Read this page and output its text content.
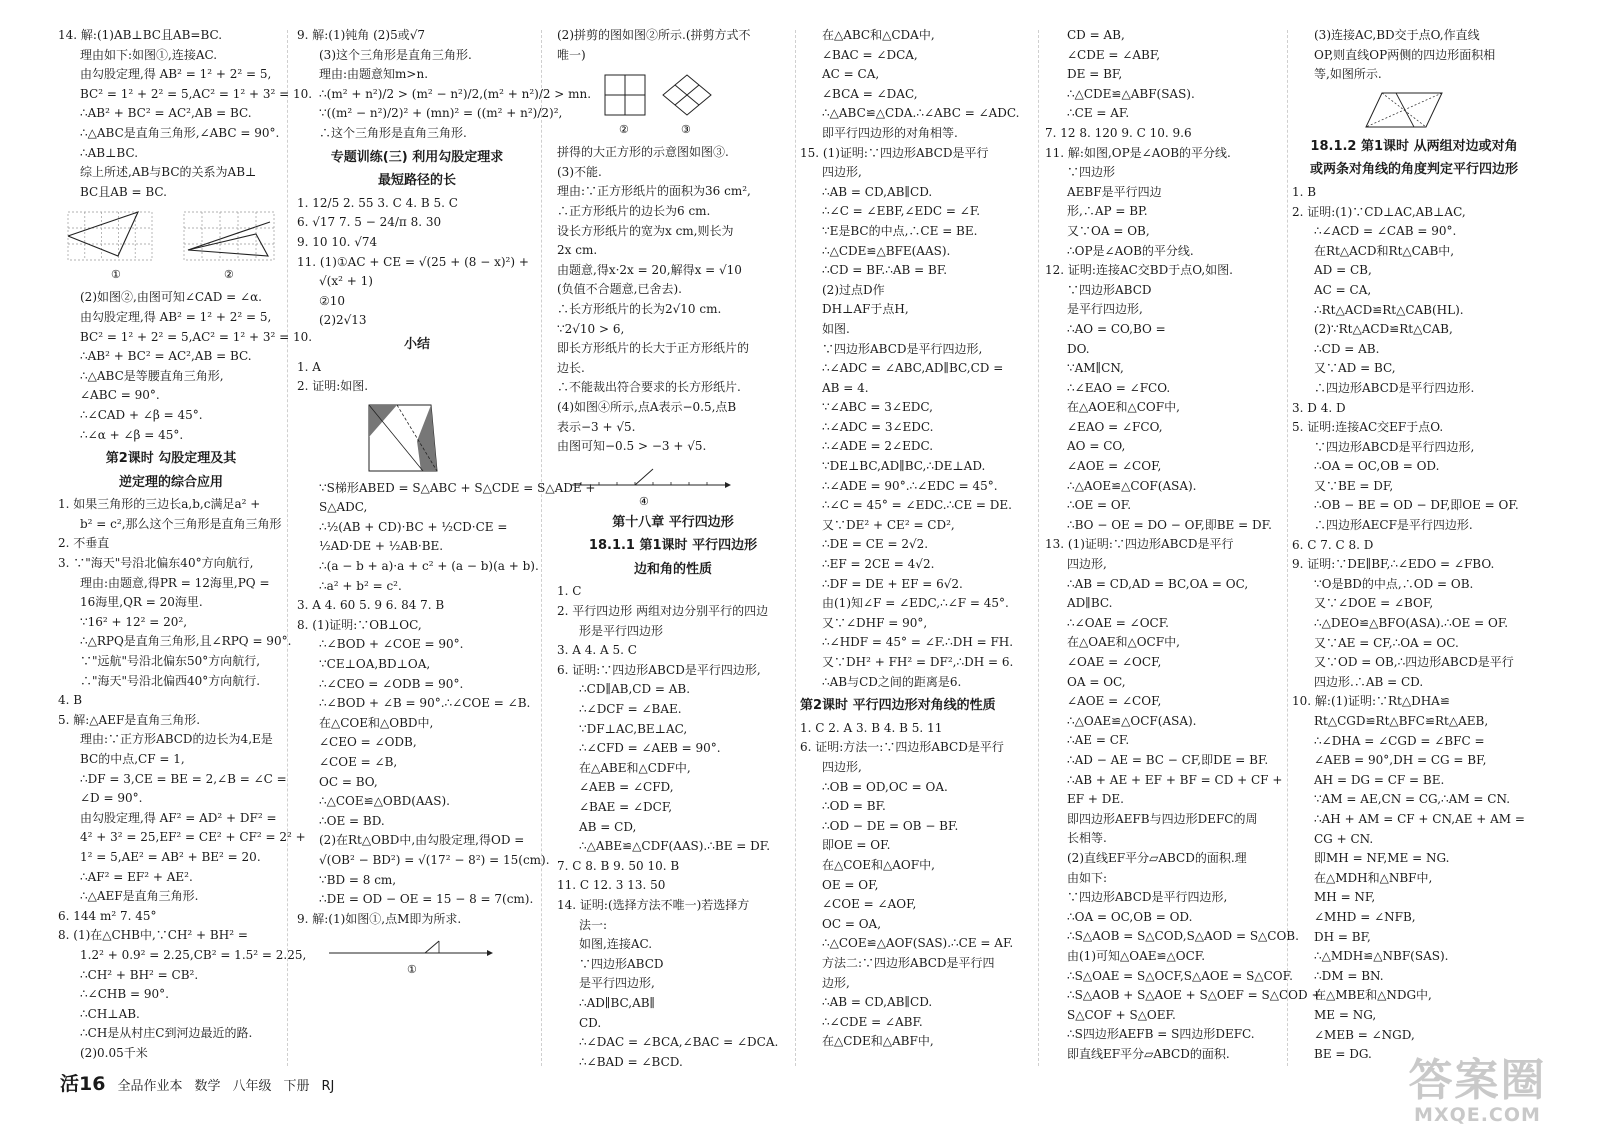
14. 解:(1)AB⊥BC且AB=BC.
理由如下:如图①,连接AC.
由勾股定理,得 AB² = 1² + 2² = 5,
BC² = 1² + 2² = 5,AC² = 1² + 3² = 10.
∴AB² + BC² = AC²,AB = BC.
∴△ABC是直角三角形,∠ABC = 90°.
∴AB⊥BC.
综上所述,AB与BC的关系为AB⊥
BC且AB = BC.
①	②
(2)如图②,由图可知∠CAD = ∠α.
由勾股定理,得 AB² = 1² + 2² = 5,
BC² = 1² + 2² = 5,AC² = 1² + 3² = 10.
∴AB² + BC² = AC²,AB = BC.
∴△ABC是等腰直角三角形,
∠ABC = 90°.
∴∠CAD + ∠β = 45°.
∴∠α + ∠β = 45°.
第2课时 勾股定理及其
逆定理的综合应用
1. 如果三角形的三边长a,b,c满足a² +
b² = c²,那么这个三角形是直角三角形
2. 不垂直
3. ∵"海天"号沿北偏东40°方向航行,
理由:由题意,得PR = 12海里,PQ =
16海里,QR = 20海里.
∵16² + 12² = 20²,
∴△RPQ是直角三角形,且∠RPQ = 90°.
∵"远航"号沿北偏东50°方向航行,
∴"海天"号沿北偏西40°方向航行.
4. B
5. 解:△AEF是直角三角形.
理由:∵正方形ABCD的边长为4,E是
BC的中点,CF = 1,
∴DF = 3,CE = BE = 2,∠B = ∠C =
∠D = 90°.
由勾股定理,得 AF² = AD² + DF² =
4² + 3² = 25,EF² = CE² + CF² = 2² +
1² = 5,AE² = AB² + BE² = 20.
∴AF² = EF² + AE².
∴△AEF是直角三角形.
6. 144 m² 7. 45°
8. (1)在△CHB中,∵CH² + BH² =
1.2² + 0.9² = 2.25,CB² = 1.5² = 2.25,
∴CH² + BH² = CB².
∴∠CHB = 90°.
∴CH⊥AB.
∴CH是从村庄C到河边最近的路.
(2)0.05千米
9. 解:(1)钝角 (2)5或√7
(3)这个三角形是直角三角形.
理由:由题意知m>n.
∴(m² + n²)/2 > (m² − n²)/2,(m² + n²)/2 > mn.
∵((m² − n²)/2)² + (mn)² = ((m² + n²)/2)²,
∴这个三角形是直角三角形.
专题训练(三) 利用勾股定理求
最短路径的长
1. 12/5 2. 55 3. C 4. B 5. C
6. √17 7. 5 − 24/π 8. 30
9. 10 10. √74
11. (1)①AC + CE = √(25 + (8 − x)²) +
√(x² + 1)
②10
(2)2√13
小结
1. A
2. 证明:如图.
∵S梯形ABED = S△ABC + S△CDE = S△ADE +
S△ADC,
∴½(AB + CD)·BC + ½CD·CE =
½AD·DE + ½AB·BE.
∴(a − b + a)·a + c² + (a − b)(a + b).
∴a² + b² = c².
3. A 4. 60 5. 9 6. 84 7. B
8. (1)证明:∵OB⊥OC,
∴∠BOD + ∠COE = 90°.
∵CE⊥OA,BD⊥OA,
∴∠CEO = ∠ODB = 90°.
∴∠BOD + ∠B = 90°.∴∠COE = ∠B.
在△COE和△OBD中,
∠CEO = ∠ODB,
∠COE = ∠B,
OC = BO,
∴△COE≌△OBD(AAS).
∴OE = BD.
(2)在Rt△OBD中,由勾股定理,得OD =
√(OB² − BD²) = √(17² − 8²) = 15(cm).
∵BD = 8 cm,
∴DE = OD − OE = 15 − 8 = 7(cm).
9. 解:(1)如图①,点M即为所求.
①
(2)拼剪的图如图②所示.(拼剪方式不
唯一)
②	③
拼得的大正方形的示意图如图③.
(3)不能.
理由:∵正方形纸片的面积为36 cm²,
∴正方形纸片的边长为6 cm.
设长方形纸片的宽为x cm,则长为
2x cm.
由题意,得x·2x = 20,解得x = √10
(负值不合题意,已舍去).
∴长方形纸片的长为2√10 cm.
∵2√10 > 6,
即长方形纸片的长大于正方形纸片的
边长.
∴不能裁出符合要求的长方形纸片.
(4)如图④所示,点A表示−0.5,点B
表示−3 + √5.
由图可知−0.5 > −3 + √5.
④
第十八章 平行四边形
18.1.1 第1课时 平行四边形
边和角的性质
1. C
2. 平行四边形 两组对边分别平行的四边
形是平行四边形
3. A 4. A 5. C
6. 证明:∵四边形ABCD是平行四边形,
∴CD∥AB,CD = AB.
∴∠DCF = ∠BAE.
∵DF⊥AC,BE⊥AC,
∴∠CFD = ∠AEB = 90°.
在△ABE和△CDF中,
∠AEB = ∠CFD,
∠BAE = ∠DCF,
AB = CD,
∴△ABE≌△CDF(AAS).∴BE = DF.
7. C 8. B 9. 50 10. B
11. C 12. 3 13. 50
14. 证明:(选择方法不唯一)若选择方
法一:
如图,连接AC.
∵四边形ABCD
是平行四边形,
∴AD∥BC,AB∥
CD.
∴∠DAC = ∠BCA,∠BAC = ∠DCA.
∴∠BAD = ∠BCD.
在△ABC和△CDA中,
∠BAC = ∠DCA,
AC = CA,
∠BCA = ∠DAC,
∴△ABC≌△CDA.∴∠ABC = ∠ADC.
即平行四边形的对角相等.
15. (1)证明:∵四边形ABCD是平行
四边形,
∴AB = CD,AB∥CD.
∴∠C = ∠EBF,∠EDC = ∠F.
∵E是BC的中点,∴CE = BE.
∴△CDE≌△BFE(AAS).
∴CD = BF.∴AB = BF.
(2)过点D作
DH⊥AF于点H,
如图.
∵四边形ABCD是平行四边形,
∴∠ADC = ∠ABC,AD∥BC,CD =
AB = 4.
∵∠ABC = 3∠EDC,
∴∠ADC = 3∠EDC.
∴∠ADE = 2∠EDC.
∵DE⊥BC,AD∥BC,∴DE⊥AD.
∴∠ADE = 90°.∴∠EDC = 45°.
∴∠C = 45° = ∠EDC.∴CE = DE.
又∵DE² + CE² = CD²,
∴DE = CE = 2√2.
∴EF = 2CE = 4√2.
∴DF = DE + EF = 6√2.
由(1)知∠F = ∠EDC,∴∠F = 45°.
又∵∠DHF = 90°,
∴∠HDF = 45° = ∠F.∴DH = FH.
又∵DH² + FH² = DF²,∴DH = 6.
∴AB与CD之间的距离是6.
第2课时 平行四边形对角线的性质
1. C 2. A 3. B 4. B 5. 11
6. 证明:方法一:∵四边形ABCD是平行
四边形,
∴OB = OD,OC = OA.
∴OD = BF.
∴OD − DE = OB − BF.
即OE = OF.
在△COE和△AOF中,
OE = OF,
∠COE = ∠AOF,
OC = OA,
∴△COE≌△AOF(SAS).∴CE = AF.
方法二:∵四边形ABCD是平行四
边形,
∴AB = CD,AB∥CD.
∴∠CDE = ∠ABF.
在△CDE和△ABF中,
CD = AB,
∠CDE = ∠ABF,
DE = BF,
∴△CDE≌△ABF(SAS).
∴CE = AF.
7. 12 8. 120 9. C 10. 9.6
11. 解:如图,OP是∠AOB的平分线.
∵四边形
AEBF是平行四边
形,∴AP = BP.
又∵OA = OB,
∴OP是∠AOB的平分线.
12. 证明:连接AC交BD于点O,如图.
∵四边形ABCD
是平行四边形,
∴AO = CO,BO =
DO.
∵AM∥CN,
∴∠EAO = ∠FCO.
在△AOE和△COF中,
∠EAO = ∠FCO,
AO = CO,
∠AOE = ∠COF,
∴△AOE≌△COF(ASA).
∴OE = OF.
∴BO − OE = DO − OF,即BE = DF.
13. (1)证明:∵四边形ABCD是平行
四边形,
∴AB = CD,AD = BC,OA = OC,
AD∥BC.
∴∠OAE = ∠OCF.
在△OAE和△OCF中,
∠OAE = ∠OCF,
OA = OC,
∠AOE = ∠COF,
∴△OAE≌△OCF(ASA).
∴AE = CF.
∴AD − AE = BC − CF,即DE = BF.
∴AB + AE + EF + BF = CD + CF +
EF + DE.
即四边形AEFB与四边形DEFC的周
长相等.
(2)直线EF平分▱ABCD的面积.理
由如下:
∵四边形ABCD是平行四边形,
∴OA = OC,OB = OD.
∴S△AOB = S△COD,S△AOD = S△COB.
由(1)可知△OAE≌△OCF.
∴S△OAE = S△OCF,S△AOE = S△COF.
∴S△AOB + S△AOE + S△OEF = S△COD +
S△COF + S△OEF.
∴S四边形AEFB = S四边形DEFC.
即直线EF平分▱ABCD的面积.
(3)连接AC,BD交于点O,作直线
OP,则直线OP两侧的四边形面积相
等,如图所示.
18.1.2 第1课时 从两组对边或对角
或两条对角线的角度判定平行四边形
1. B
2. 证明:(1)∵CD⊥AC,AB⊥AC,
∴∠ACD = ∠CAB = 90°.
在Rt△ACD和Rt△CAB中,
AD = CB,
AC = CA,
∴Rt△ACD≌Rt△CAB(HL).
(2)∵Rt△ACD≌Rt△CAB,
∴CD = AB.
又∵AD = BC,
∴四边形ABCD是平行四边形.
3. D 4. D
5. 证明:连接AC交EF于点O.
∵四边形ABCD是平行四边形,
∴OA = OC,OB = OD.
又∵BE = DF,
∴OB − BE = OD − DF,即OE = OF.
∴四边形AECF是平行四边形.
6. C 7. C 8. D
9. 证明:∵DE∥BF,∴∠EDO = ∠FBO.
∵O是BD的中点,∴OD = OB.
又∵∠DOE = ∠BOF,
∴△DEO≌△BFO(ASA).∴OE = OF.
又∵AE = CF,∴OA = OC.
又∵OD = OB,∴四边形ABCD是平行
四边形.∴AB = CD.
10. 解:(1)证明:∵Rt△DHA≌
Rt△CGD≌Rt△BFC≌Rt△AEB,
∴∠DHA = ∠CGD = ∠BFC =
∠AEB = 90°,DH = CG = BF,
AH = DG = CF = BE.
∵AM = AE,CN = CG,∴AM = CN.
∴AH + AM = CF + CN,AE + AM =
CG + CN.
即MH = NF,ME = NG.
在△MDH和△NBF中,
MH = NF,
∠MHD = ∠NFB,
DH = BF,
∴△MDH≌△NBF(SAS).
∴DM = BN.
在△MBE和△NDG中,
ME = NG,
∠MEB = ∠NGD,
BE = DG.
活16 全品作业本 数学 八年级 下册 RJ	答案圈
MXQE.COM
